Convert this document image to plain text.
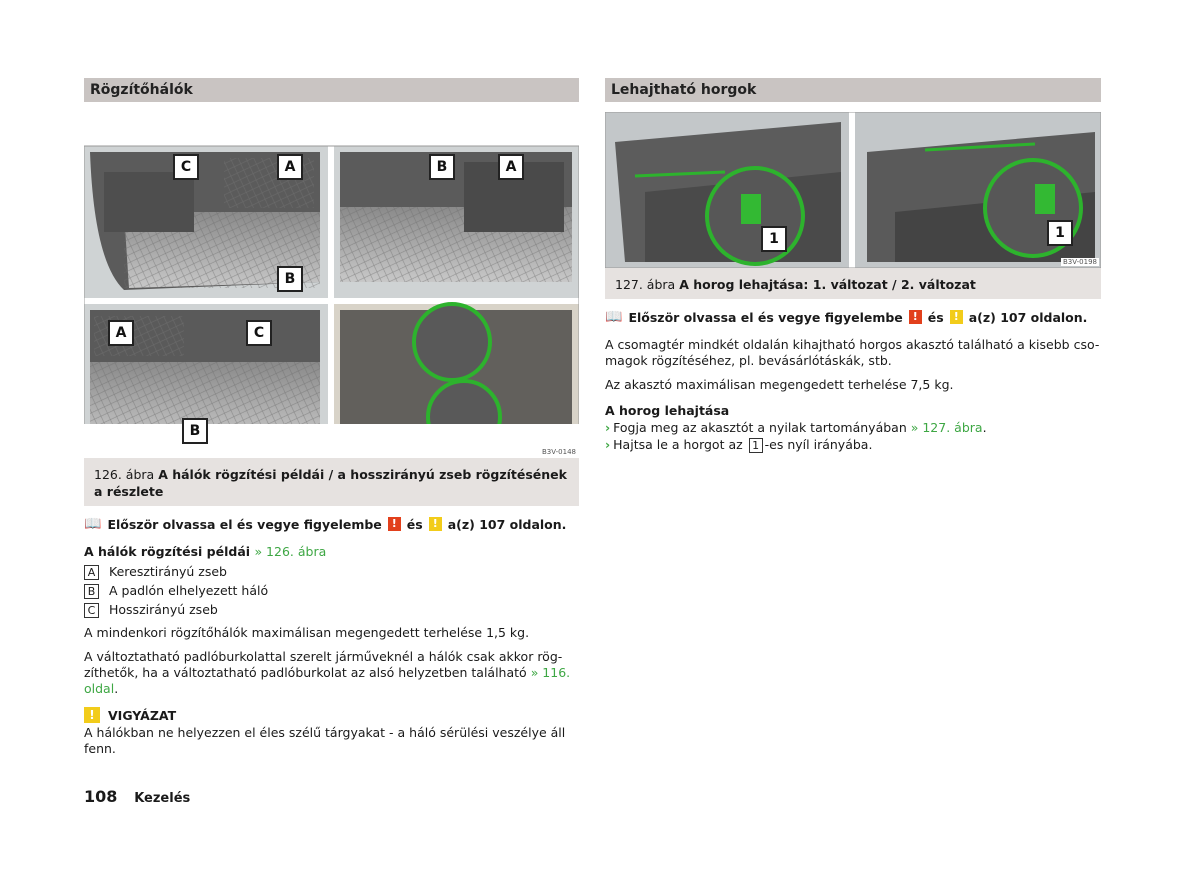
Rögzítőhálók
C	A
B
B	A
A	C
B
B3V-0148
126. ábra A hálók rögzítési példái / a hosszirányú zseb rögzítésének a részlete
📖 Először olvassa el és vegye figyelembe ! és ! a(z) 107 oldalon.
A hálók rögzítési példái » 126. ábra
A Keresztirányú zseb
B A padlón elhelyezett háló
C Hosszirányú zseb

A mindenkori rögzítőhálók maximálisan megengedett terhelése 1,5 kg.

A változtatható padlóburkolattal szerelt járműveknél a hálók csak akkor rög-
zíthetők, ha a változtatható padlóburkolat az alsó helyzetben található » 116.
oldal.

!	VIGYÁZAT

A hálókban ne helyezzen el éles szélű tárgyakat - a háló sérülési veszélye áll
fenn.

Lehajtható horgok
1	1
B3V-0198
127. ábra A horog lehajtása: 1. változat / 2. változat
📖 Először olvassa el és vegye figyelembe ! és ! a(z) 107 oldalon.

A csomagtér mindkét oldalán kihajtható horgos akasztó található a kisebb cso-
magok rögzítéséhez, pl. bevásárlótáskák, stb.

Az akasztó maximálisan megengedett terhelése 7,5 kg.

A horog lehajtása
› Fogja meg az akasztót a nyilak tartományában » 127. ábra.
› Hajtsa le a horgot az 1 -es nyíl irányába.
108 Kezelés
